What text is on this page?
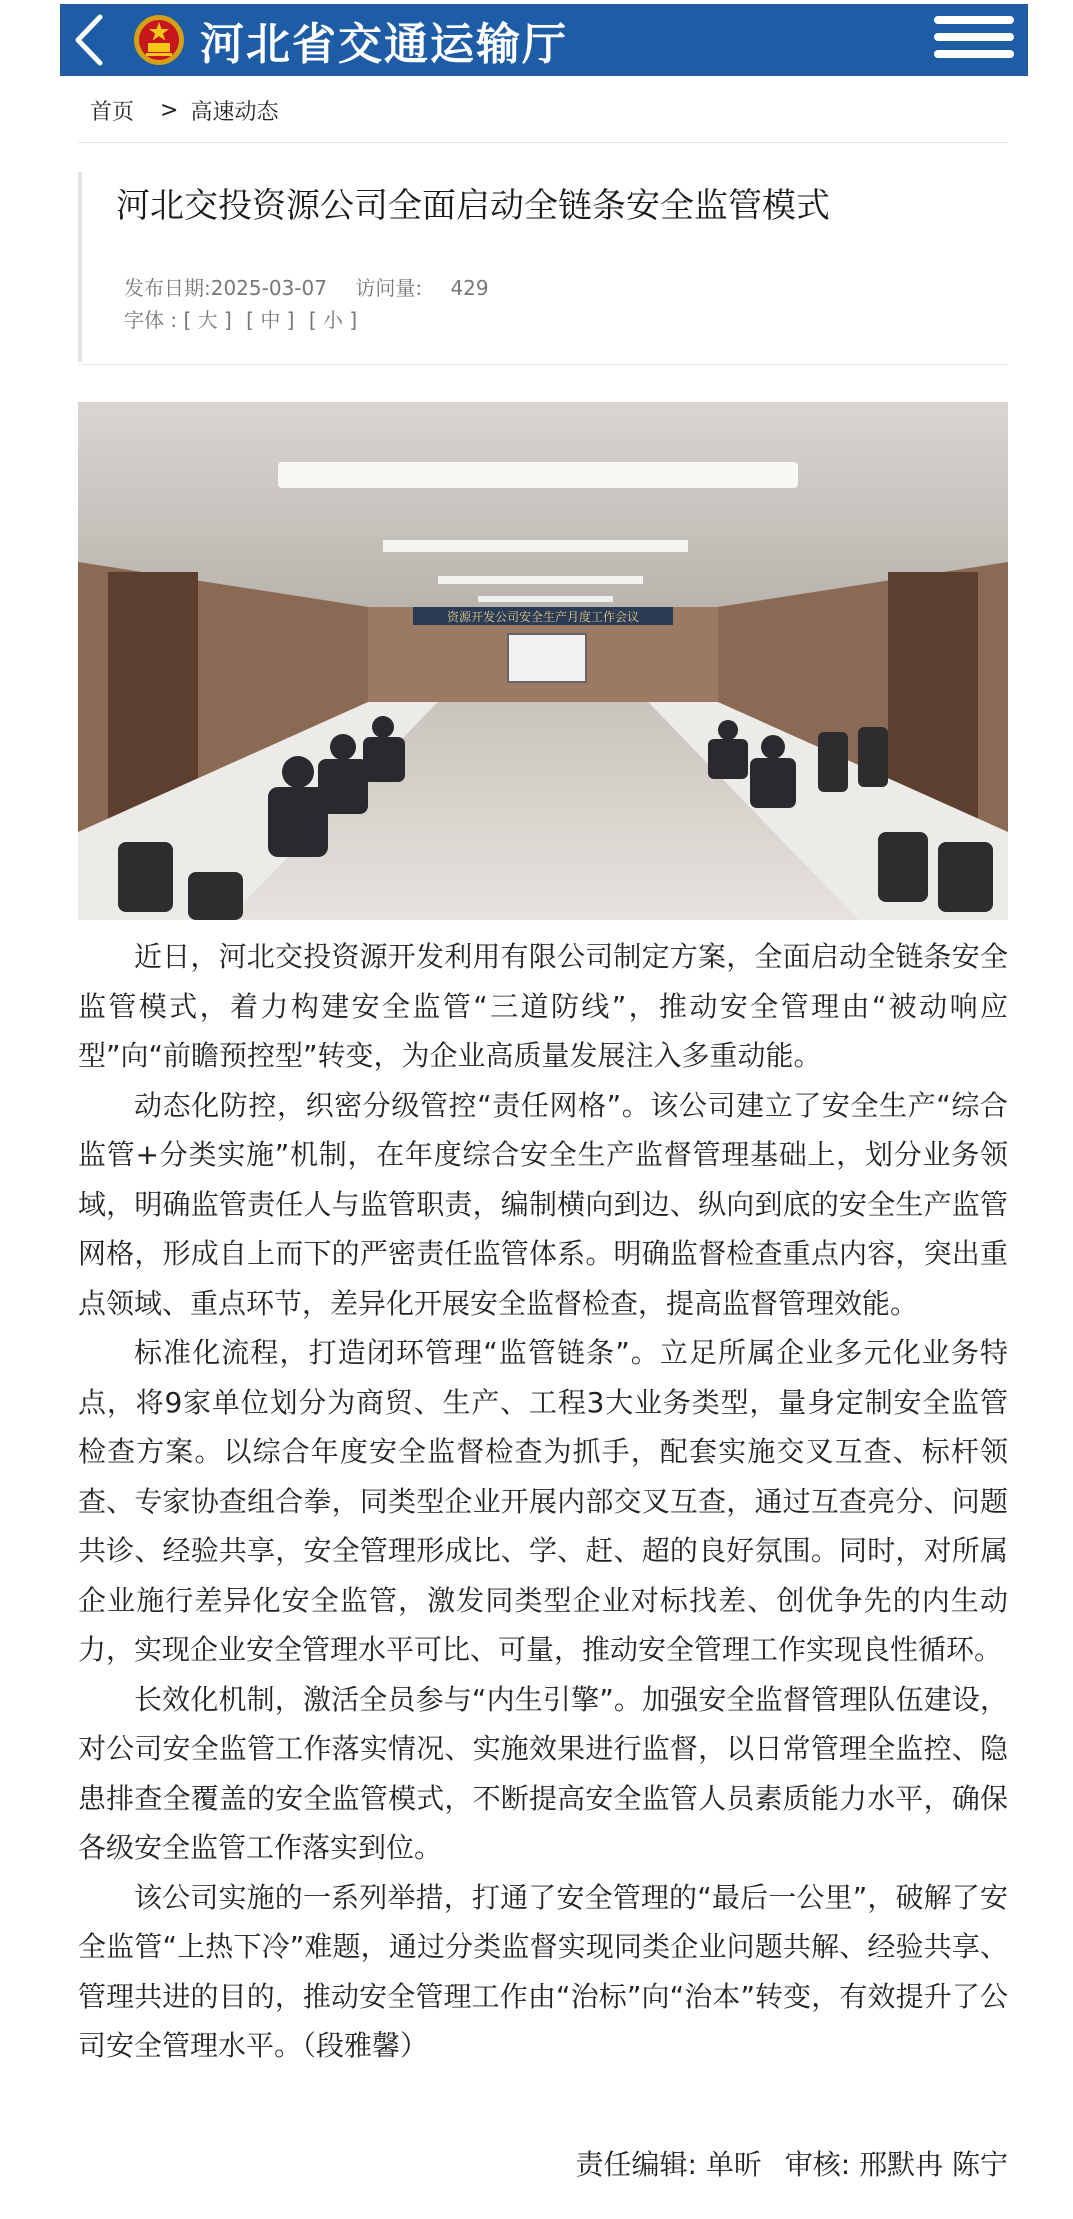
河北省交通运输厅
首页 > 高速动态
河北交投资源公司全面启动全链条安全监管模式
发布日期:2025-03-07 访问量: 429
字体 : [ 大 ] [ 中 ] [ 小 ]
资源开发公司安全生产月度工作会议

近日，河北交投资源开发利用有限公司制定方案，全面启动全链条安全监管模式，着力构建安全监管“三道防线”，推动安全管理由“被动响应型”向“前瞻预控型”转变，为企业高质量发展注入多重动能。

动态化防控，织密分级管控“责任网格”。该公司建立了安全生产“综合监管+分类实施”机制，在年度综合安全生产监督管理基础上，划分业务领域，明确监管责任人与监管职责，编制横向到边、纵向到底的安全生产监管网格，形成自上而下的严密责任监管体系。明确监督检查重点内容，突出重点领域、重点环节，差异化开展安全监督检查，提高监督管理效能。

标准化流程，打造闭环管理“监管链条”。立足所属企业多元化业务特点，将9家单位划分为商贸、生产、工程3大业务类型，量身定制安全监管检查方案。以综合年度安全监督检查为抓手，配套实施交叉互查、标杆领查、专家协查组合拳，同类型企业开展内部交叉互查，通过互查亮分、问题共诊、经验共享，安全管理形成比、学、赶、超的良好氛围。同时，对所属企业施行差异化安全监管，激发同类型企业对标找差、创优争先的内生动力，实现企业安全管理水平可比、可量，推动安全管理工作实现良性循环。

长效化机制，激活全员参与“内生引擎”。加强安全监督管理队伍建设，对公司安全监管工作落实情况、实施效果进行监督，以日常管理全监控、隐患排查全覆盖的安全监管模式，不断提高安全监管人员素质能力水平，确保各级安全监管工作落实到位。

该公司实施的一系列举措，打通了安全管理的“最后一公里”，破解了安全监管“上热下冷”难题，通过分类监督实现同类企业问题共解、经验共享、管理共进的目的，推动安全管理工作由“治标”向“治本”转变，有效提升了公司安全管理水平。（段雅馨）

责任编辑: 单昕 审核: 邢默冉 陈宁
